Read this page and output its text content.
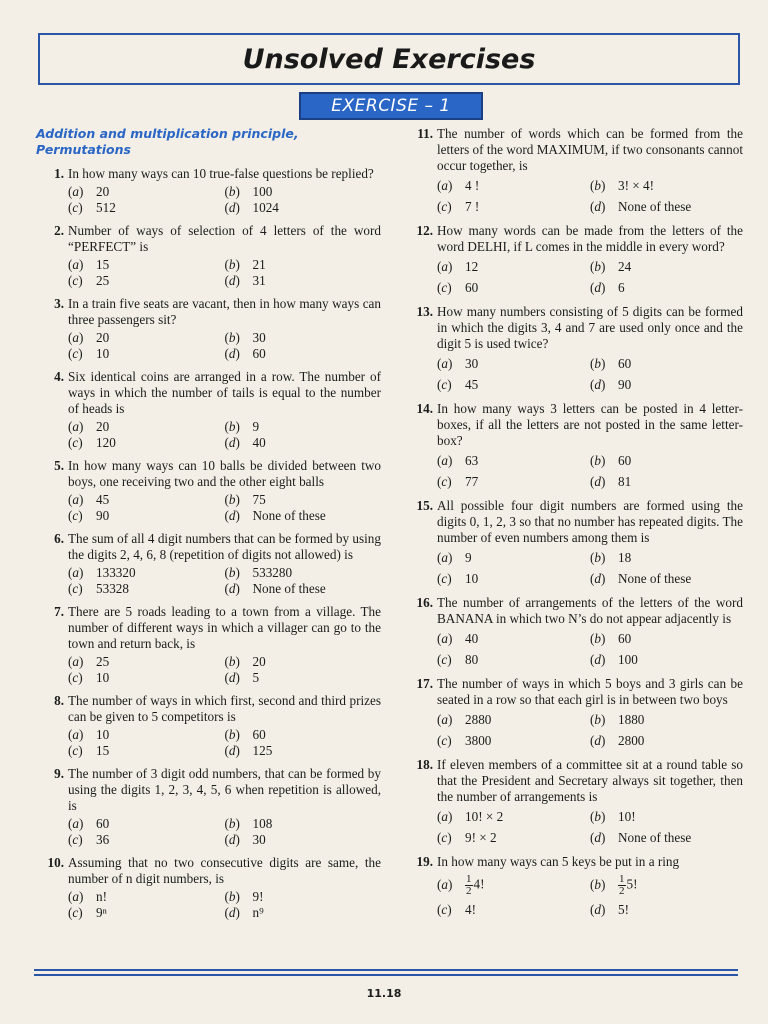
Unsolved Exercises
EXERCISE – 1
Addition and multiplication principle, Permutations
1. In how many ways can 10 true-false questions be replied?
(a) 20	(b) 100
(c) 512	(d) 1024
2. Number of ways of selection of 4 letters of the word “PERFECT” is
(a) 15	(b) 21
(c) 25	(d) 31
3. In a train five seats are vacant, then in how many ways can three passengers sit?
(a) 20	(b) 30
(c) 10	(d) 60
4. Six identical coins are arranged in a row. The number of ways in which the number of tails is equal to the number of heads is
(a) 20	(b) 9
(c) 120	(d) 40
5. In how many ways can 10 balls be divided between two boys, one receiving two and the other eight balls
(a) 45	(b) 75
(c) 90	(d) None of these
6. The sum of all 4 digit numbers that can be formed by using the digits 2, 4, 6, 8 (repetition of digits not allowed) is
(a) 133320	(b) 533280
(c) 53328	(d) None of these
7. There are 5 roads leading to a town from a village. The number of different ways in which a villager can go to the town and return back, is
(a) 25	(b) 20
(c) 10	(d) 5
8. The number of ways in which first, second and third prizes can be given to 5 competitors is
(a) 10	(b) 60
(c) 15	(d) 125
9. The number of 3 digit odd numbers, that can be formed by using the digits 1, 2, 3, 4, 5, 6 when repetition is allowed, is
(a) 60	(b) 108
(c) 36	(d) 30
10. Assuming that no two consecutive digits are same, the number of n digit numbers, is
(a) n!	(b) 9!
(c) 9ⁿ	(d) n⁹
11. The number of words which can be formed from the letters of the word MAXIMUM, if two consonants cannot occur together, is
(a) 4 !	(b) 3! × 4!
(c) 7 !	(d) None of these
12. How many words can be made from the letters of the word DELHI, if L comes in the middle in every word?
(a) 12	(b) 24
(c) 60	(d) 6
13. How many numbers consisting of 5 digits can be formed in which the digits 3, 4 and 7 are used only once and the digit 5 is used twice?
(a) 30	(b) 60
(c) 45	(d) 90
14. In how many ways 3 letters can be posted in 4 letter-boxes, if all the letters are not posted in the same letter-box?
(a) 63	(b) 60
(c) 77	(d) 81
15. All possible four digit numbers are formed using the digits 0, 1, 2, 3 so that no number has repeated digits. The number of even numbers among them is
(a) 9	(b) 18
(c) 10	(d) None of these
16. The number of arrangements of the letters of the word BANANA in which two N’s do not appear adjacently is
(a) 40	(b) 60
(c) 80	(d) 100
17. The number of ways in which 5 boys and 3 girls can be seated in a row so that each girl is in between two boys
(a) 2880	(b) 1880
(c) 3800	(d) 2800
18. If eleven members of a committee sit at a round table so that the President and Secretary always sit together, then the number of arrangements is
(a) 10! × 2	(b) 10!
(c) 9! × 2	(d) None of these
19. In how many ways can 5 keys be put in a ring
$(a) \frac{1}{2} 4$!	$(b) \frac{1}{2} 5$!
(c) 4!	(d) 5!
11.18
